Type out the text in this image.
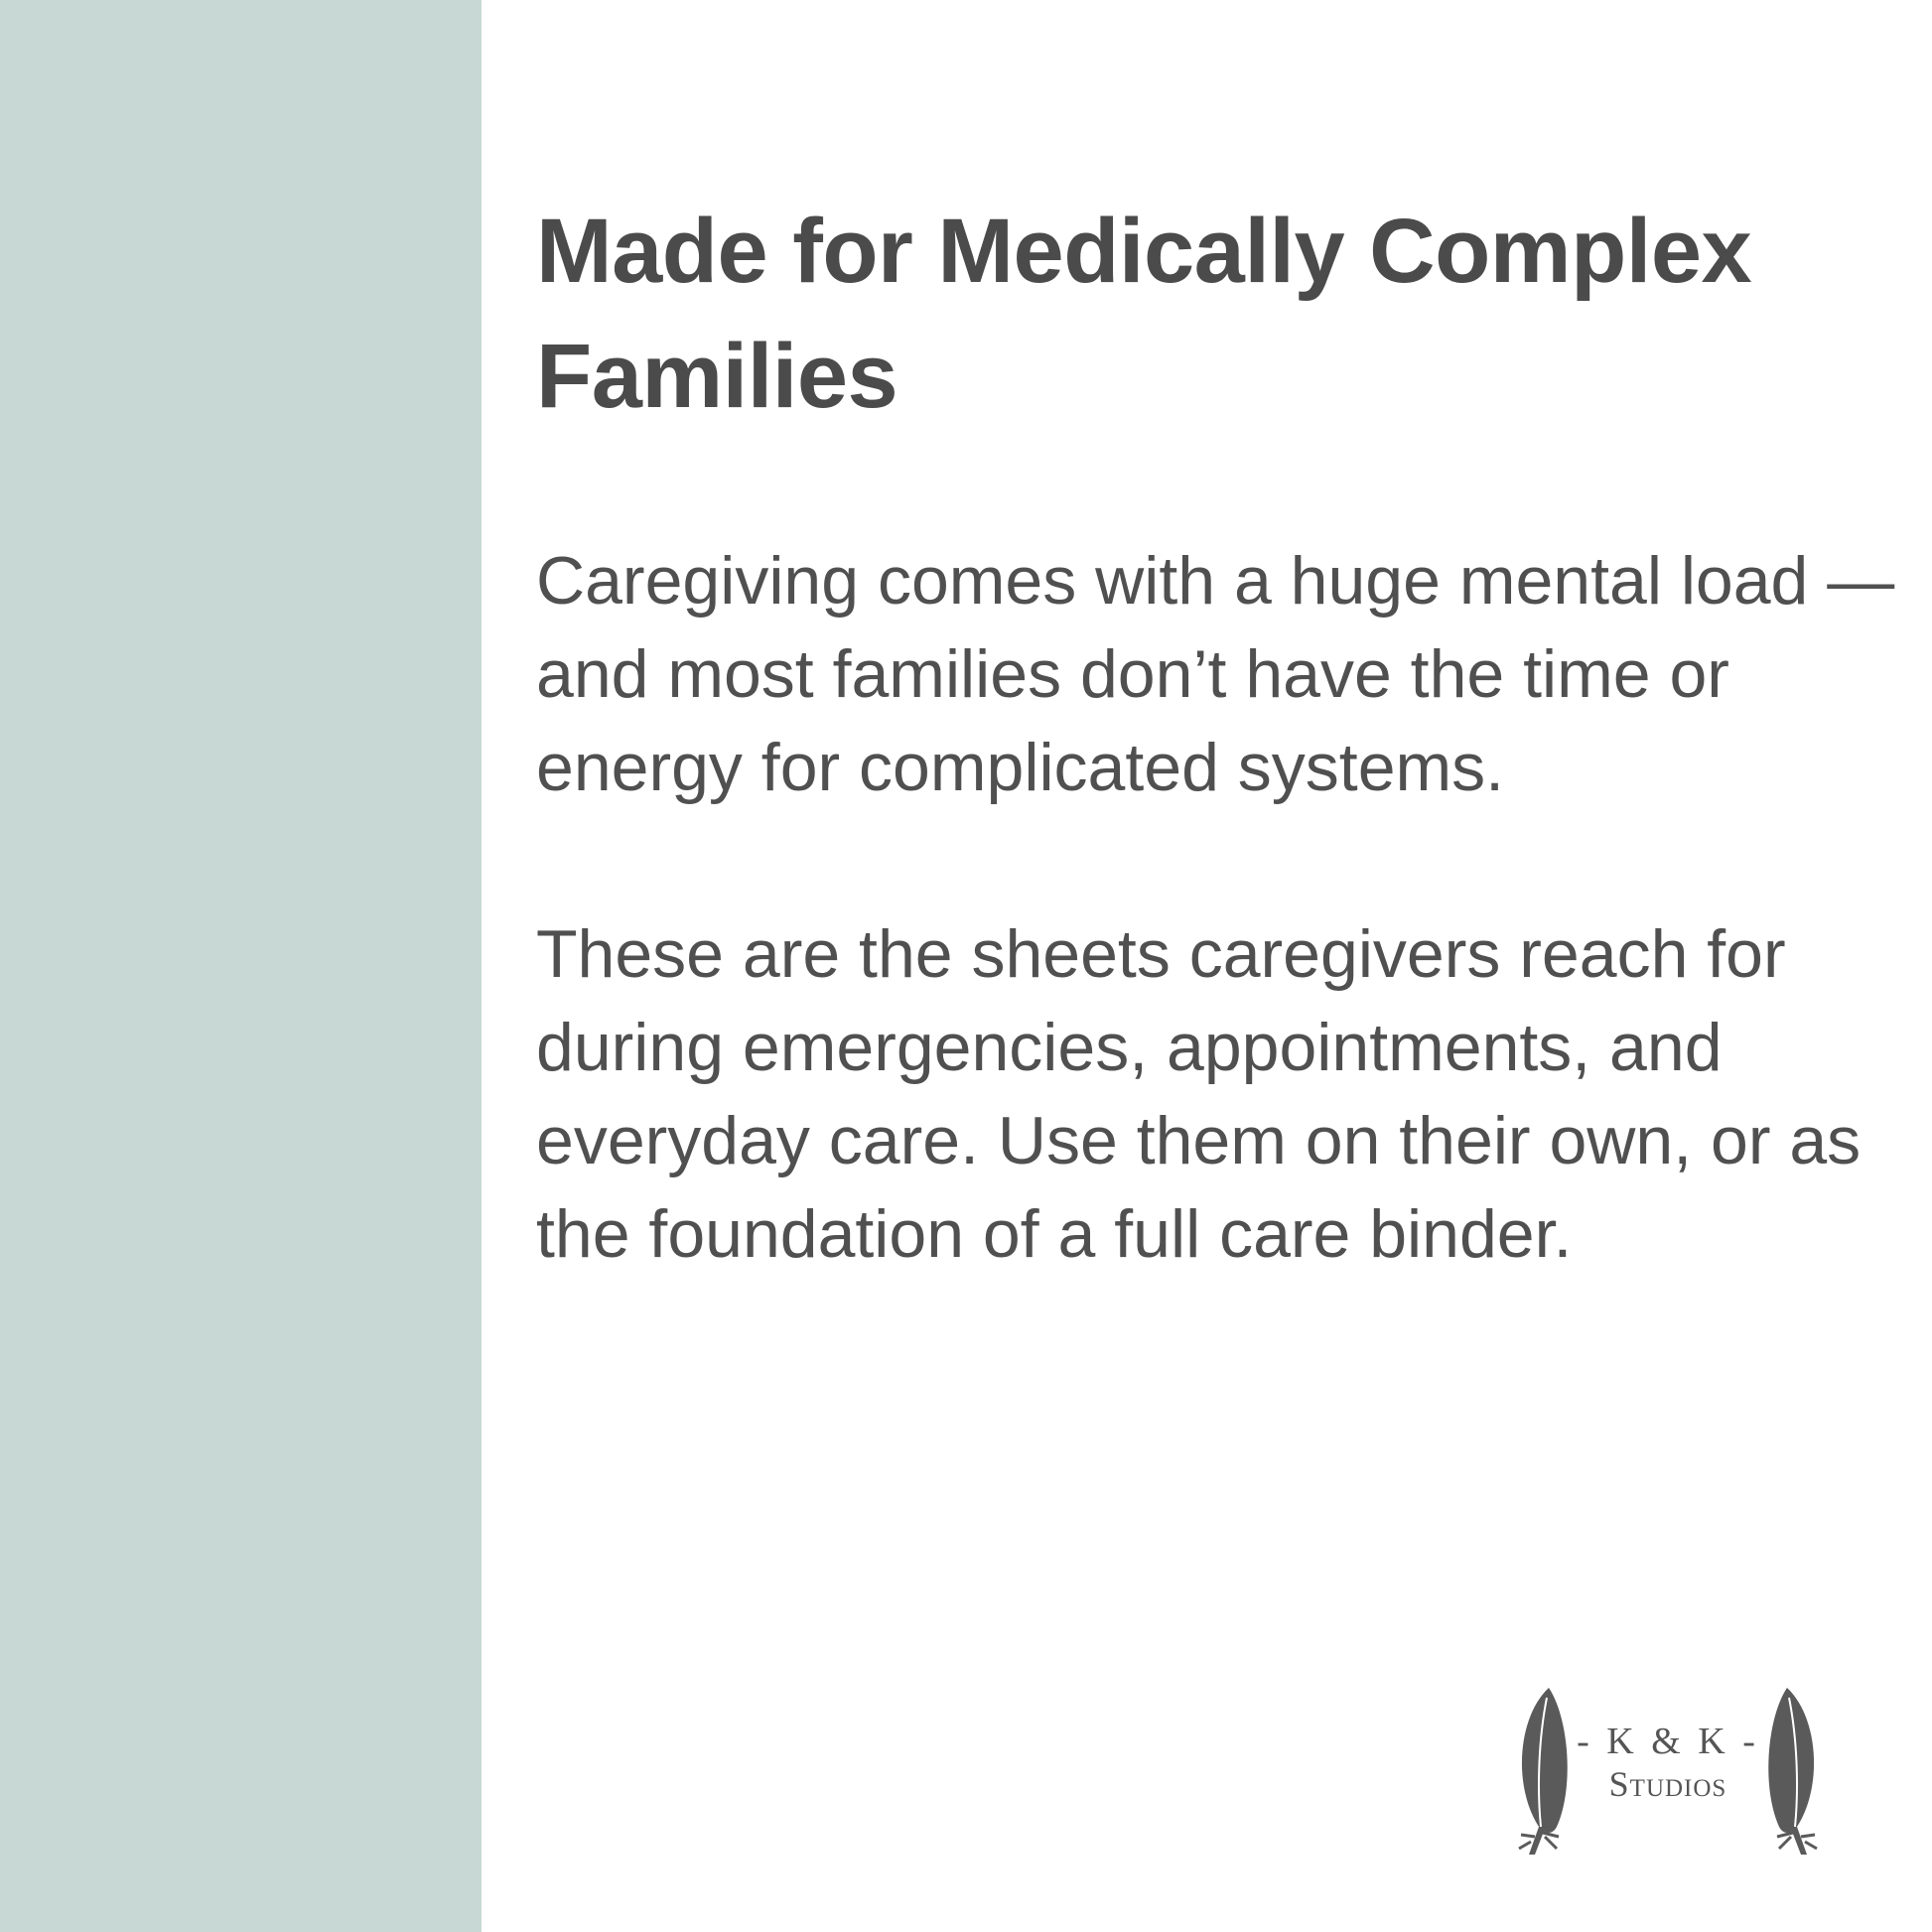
Made for Medically Complex Families

Caregiving comes with a huge mental load — and most families don’t have the time or energy for complicated systems.

These are the sheets caregivers reach for during emergencies, appointments, and everyday care. Use them on their own, or as the foundation of a full care binder.

- K & K -
Studios
